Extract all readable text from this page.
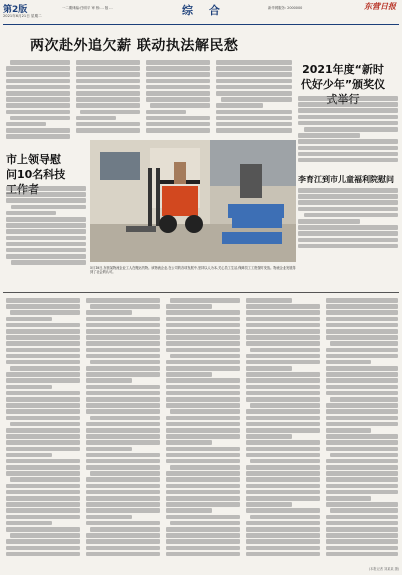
第2版
2021年6月21日 星期二
一二期律编:任明平 审 核:… 版 …	综 合	新华网服务: 2000000	东营日报
两次赴外追欠薪 联动执法解民愁
2021年度“新时代好少年”颁奖仪
市上领导慰问10名科技	李育江到市儿童福利院慰问
5月18日,东营某物流企业工人在搬运货物。该物流企业,在公司的各项发展中,坚持以人为本,关心员工生活,保障员工工资按时发放。物流企业发展得到了社会的认可。
(本报记者 刘某某 摄)
